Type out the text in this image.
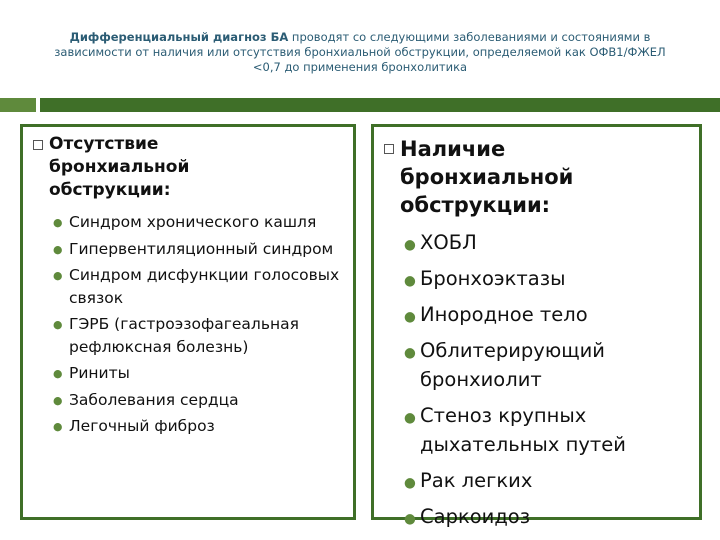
Дифференциальный диагноз БА проводят со следующими заболеваниями и состояниями в зависимости от наличия или отсутствия бронхиальной обструкции, определяемой как ОФВ1/ФЖЕЛ <0,7 до применения бронхолитика
Отсутствие бронхиальной обструкции:
● Синдром хронического кашля
● Гипервентиляционный синдром
● Синдром дисфункции голосовых связок
● ГЭРБ (гастроэзофагеальная рефлюксная болезнь)
● Риниты
● Заболевания сердца
● Легочный фиброз
Наличие бронхиальной обструкции:
● ХОБЛ
● Бронхоэктазы
● Инородное тело
● Облитерирующий бронхиолит
● Стеноз крупных дыхательных путей
● Рак легких
● Саркоидоз
